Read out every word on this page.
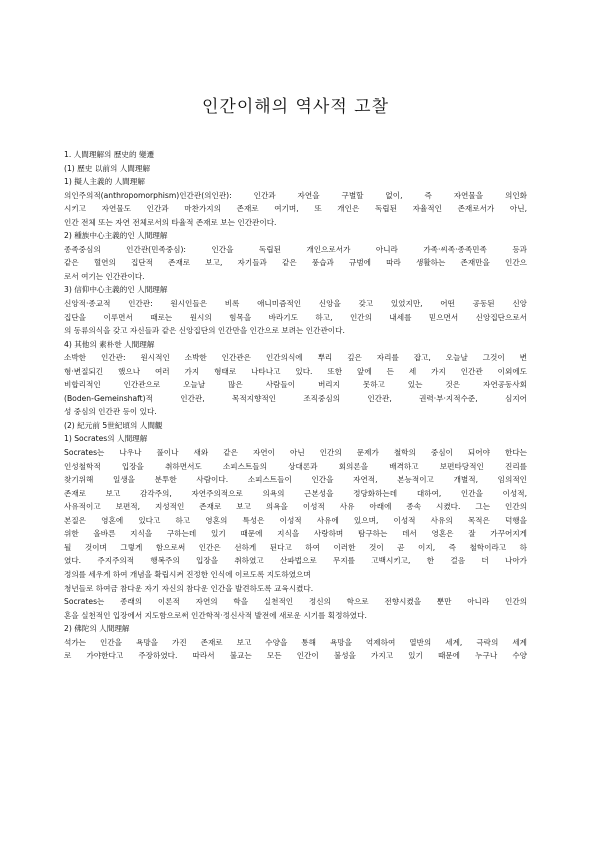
인간이해의 역사적 고찰
1. 人間理解의 歷史的 變遷
(1) 歷史 以前의 人間理解
1) 擬人主義的 人間理解
의인주의적(anthropomorphism)인간관(의인관): 인간과 자연을 구별할 없이, 즉 자연물을 의인화
시키고 자연물도 인간과 마찬가지의 존재로 여기며, 또 개인은 독립된 자율적인 존재로서가 아닌,
인간 전체 또는 자연 전체로서의 타율적 존재로 보는 인간관이다.
2) 種族中心主義的인 人間理解
종족중심의 인간관(민족중심): 인간을 독립된 개인으로서가 아니라 가족·씨족·종족민족 등과
같은 혈연의 집단적 존재로 보고, 자기들과 같은 풍습과 규범에 따라 생활하는 존재만을 인간으
로서 여기는 인간관이다.
3) 信仰中心主義的인 人間理解
신앙적·종교적 인간관: 원시인들은 비록 애니미즘적인 신앙을 갖고 있었지만, 어떤 공동된 신앙
집단을 이루면서 때로는 원시의 힘목을 바라기도 하고, 인간의 내세를 믿으면서 신앙집단으로서
의 동류의식을 갖고 자신들과 같은 신앙집단의 인간만을 인간으로 보려는 인간관이다.
4) 其他의 素朴한 人間理解
소박한 인간관: 원시적인 소박한 인간관은 인간의식에 뿌리 깊은 자리를 잡고, 오늘날 그것이 변
형·변질되긴 했으나 여러 가지 형태로 나타나고 있다. 또한 앞에 든 세 가지 인간관 이외에도
비합리적인 인간관으로 오늘날 많은 사람들이 버리지 못하고 있는 것은 자연공동사회
(Boden-Gemeinshaft)적 인간관, 목적지향적인 조직중심의 인간관, 권력·부·지적수준, 심지어
성 중심의 인간관 등이 있다.
(2) 紀元前 5世紀頃의 人間觀
1) Socrates의 人間理解
Socrates는 나우나 풀이나 새와 같은 자연이 아닌 인간의 문제가 철학의 중심이 되어야 한다는
인성철학적 입장을 취하면서도 소피스트들의 상대론과 회의론을 배격하고 보편타당적인 진리를
찾기위해 일생을 분투한 사람이다. 소피스트들이 인간을 자연적, 본능적이고 개별적, 임의적인
존재로 보고 감각주의, 자연주의적으로 의욕의 근본성을 정당화하는데 대하여, 인간을 이성적,
사유적이고 보편적, 지성적인 존재로 보고 의욕을 이성적 사유 아래에 종속 시켰다. 그는 인간의
본질은 영혼에 있다고 하고 영혼의 특성은 이성적 사유에 있으며, 이성적 사유의 목적은 덕행을
위한 올바른 지식을 구하는데 있기 때문에 지식을 사랑하며 탐구하는 데서 영혼은 잘 가꾸어지게
될 것이며 그렇게 함으로써 인간은 선하게 된다고 하여 이러한 것이 곧 이지, 즉 철학이라고 하
였다. 주지주의적 행복주의 입장을 취하였고 산파법으로 무지를 고백시키고, 한 걸음 더 나아가
정의를 세우게 하여 개념을 확립시켜 진정한 인식에 이르도록 지도하였으며
청년들로 하여금 참다운 자기 자신의 참다운 인간을 발견하도록 교육시켰다.
Socrates는 종래의 이론적 자연의 학을 실천적인 정신의 학으로 전향시켰을 뿐만 아니라 인간의
혼을 실천적인 입장에서 지도함으로써 인간학적·정신사적 발전에 새로운 시기를 획정하였다.
2) 佛陀의 人間理解
석가는 인간을 욕망을 가진 존재로 보고 수양을 통해 욕망을 억제하여 열반의 세계, 극락의 세계
로 가야한다고 주장하였다. 따라서 불교는 모든 인간이 불성을 가지고 있기 때문에 누구나 수양
